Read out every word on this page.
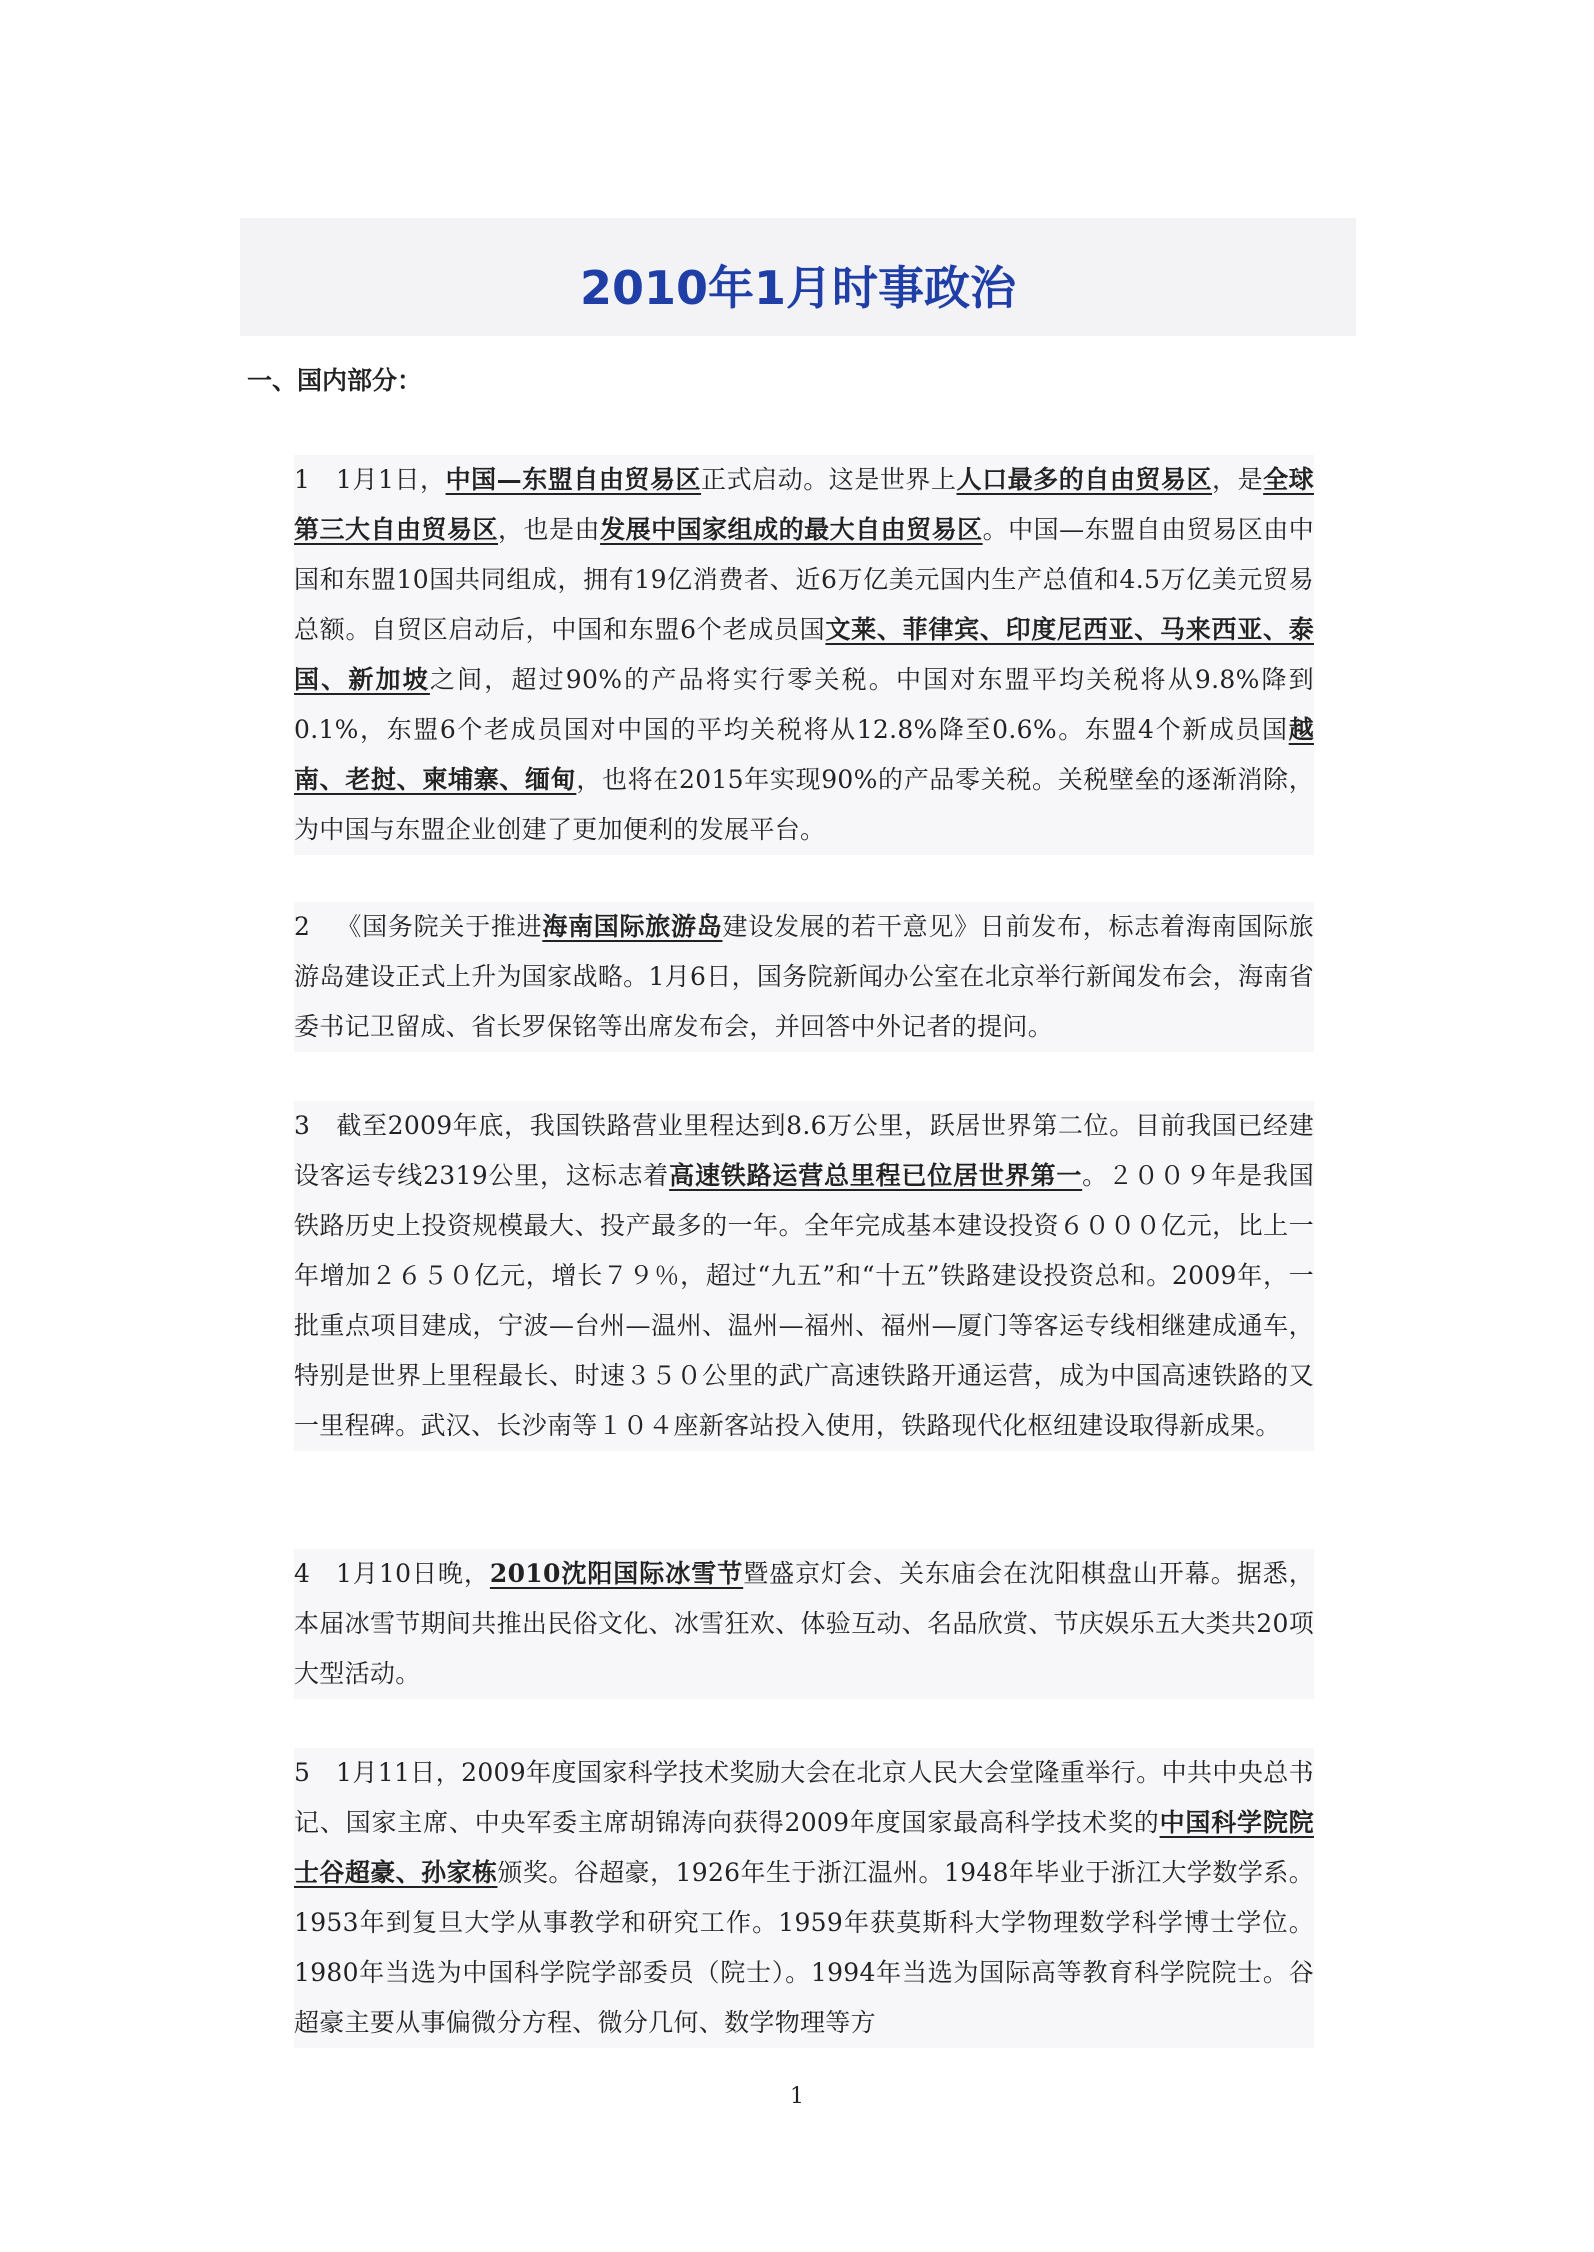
2010年1月时事政治
一、国内部分：

1 1月1日，中国—东盟自由贸易区正式启动。这是世界上人口最多的自由贸易区，是全球第三大自由贸易区，也是由发展中国家组成的最大自由贸易区。中国—东盟自由贸易区由中国和东盟10国共同组成，拥有19亿消费者、近6万亿美元国内生产总值和4.5万亿美元贸易总额。自贸区启动后，中国和东盟6个老成员国文莱、菲律宾、印度尼西亚、马来西亚、泰国、新加坡之间，超过90%的产品将实行零关税。中国对东盟平均关税将从9.8%降到0.1%，东盟6个老成员国对中国的平均关税将从12.8%降至0.6%。东盟4个新成员国越南、老挝、柬埔寨、缅甸，也将在2015年实现90%的产品零关税。关税壁垒的逐渐消除，为中国与东盟企业创建了更加便利的发展平台。

2 《国务院关于推进海南国际旅游岛建设发展的若干意见》日前发布，标志着海南国际旅游岛建设正式上升为国家战略。1月6日，国务院新闻办公室在北京举行新闻发布会，海南省委书记卫留成、省长罗保铭等出席发布会，并回答中外记者的提问。

3 截至2009年底，我国铁路营业里程达到8.6万公里，跃居世界第二位。目前我国已经建设客运专线2319公里，这标志着高速铁路运营总里程已位居世界第一。２００９年是我国铁路历史上投资规模最大、投产最多的一年。全年完成基本建设投资６０００亿元，比上一年增加２６５０亿元，增长７９％，超过“九五”和“十五”铁路建设投资总和。2009年，一批重点项目建成，宁波—台州—温州、温州—福州、福州—厦门等客运专线相继建成通车，特别是世界上里程最长、时速３５０公里的武广高速铁路开通运营，成为中国高速铁路的又一里程碑。武汉、长沙南等１０４座新客站投入使用，铁路现代化枢纽建设取得新成果。

4 1月10日晚，2010沈阳国际冰雪节暨盛京灯会、关东庙会在沈阳棋盘山开幕。据悉，本届冰雪节期间共推出民俗文化、冰雪狂欢、体验互动、名品欣赏、节庆娱乐五大类共20项大型活动。

5 1月11日，2009年度国家科学技术奖励大会在北京人民大会堂隆重举行。中共中央总书记、国家主席、中央军委主席胡锦涛向获得2009年度国家最高科学技术奖的中国科学院院士谷超豪、孙家栋颁奖。谷超豪，1926年生于浙江温州。1948年毕业于浙江大学数学系。1953年到复旦大学从事教学和研究工作。1959年获莫斯科大学物理数学科学博士学位。1980年当选为中国科学院学部委员（院士）。1994年当选为国际高等教育科学院院士。谷超豪主要从事偏微分方程、微分几何、数学物理等方

1
